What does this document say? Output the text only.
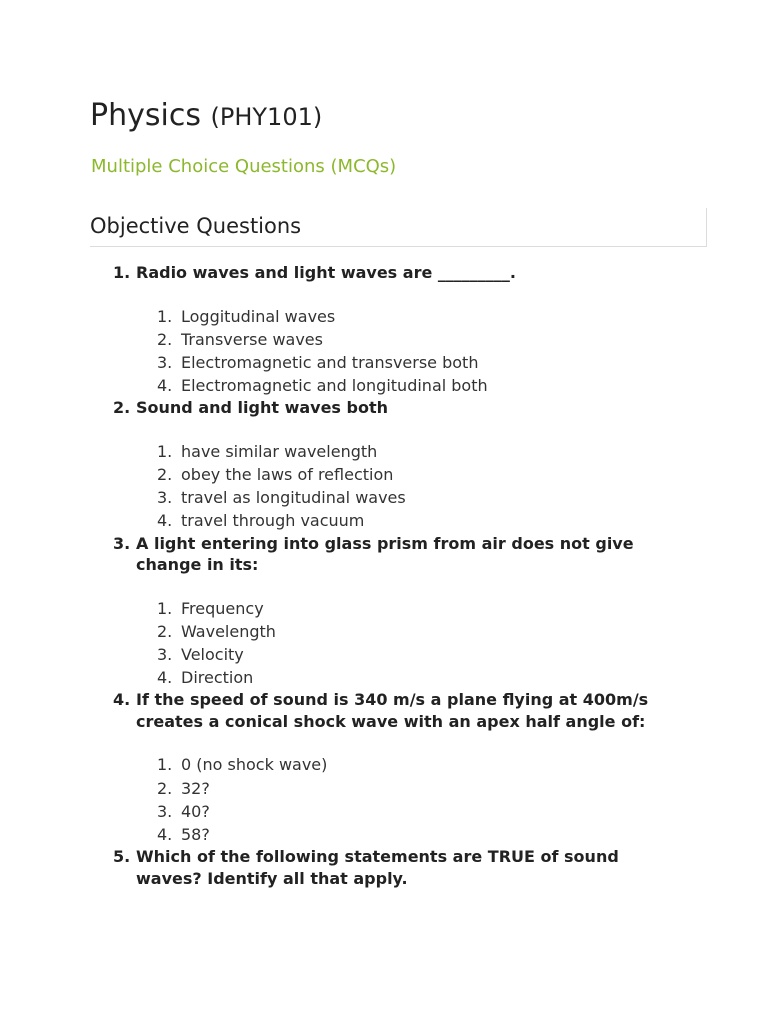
Physics (PHY101)
Multiple Choice Questions (MCQs)
Objective Questions
1. Radio waves and light waves are _________.
1. Loggitudinal waves
2. Transverse waves
3. Electromagnetic and transverse both
4. Electromagnetic and longitudinal both
2. Sound and light waves both
1. have similar wavelength
2. obey the laws of reflection
3. travel as longitudinal waves
4. travel through vacuum
3. A light entering into glass prism from air does not give change in its:
1. Frequency
2. Wavelength
3. Velocity
4. Direction
4. If the speed of sound is 340 m/s a plane flying at 400m/s creates a conical shock wave with an apex half angle of:
1. 0 (no shock wave)
2. 32?
3. 40?
4. 58?
5. Which of the following statements are TRUE of sound waves? Identify all that apply.
